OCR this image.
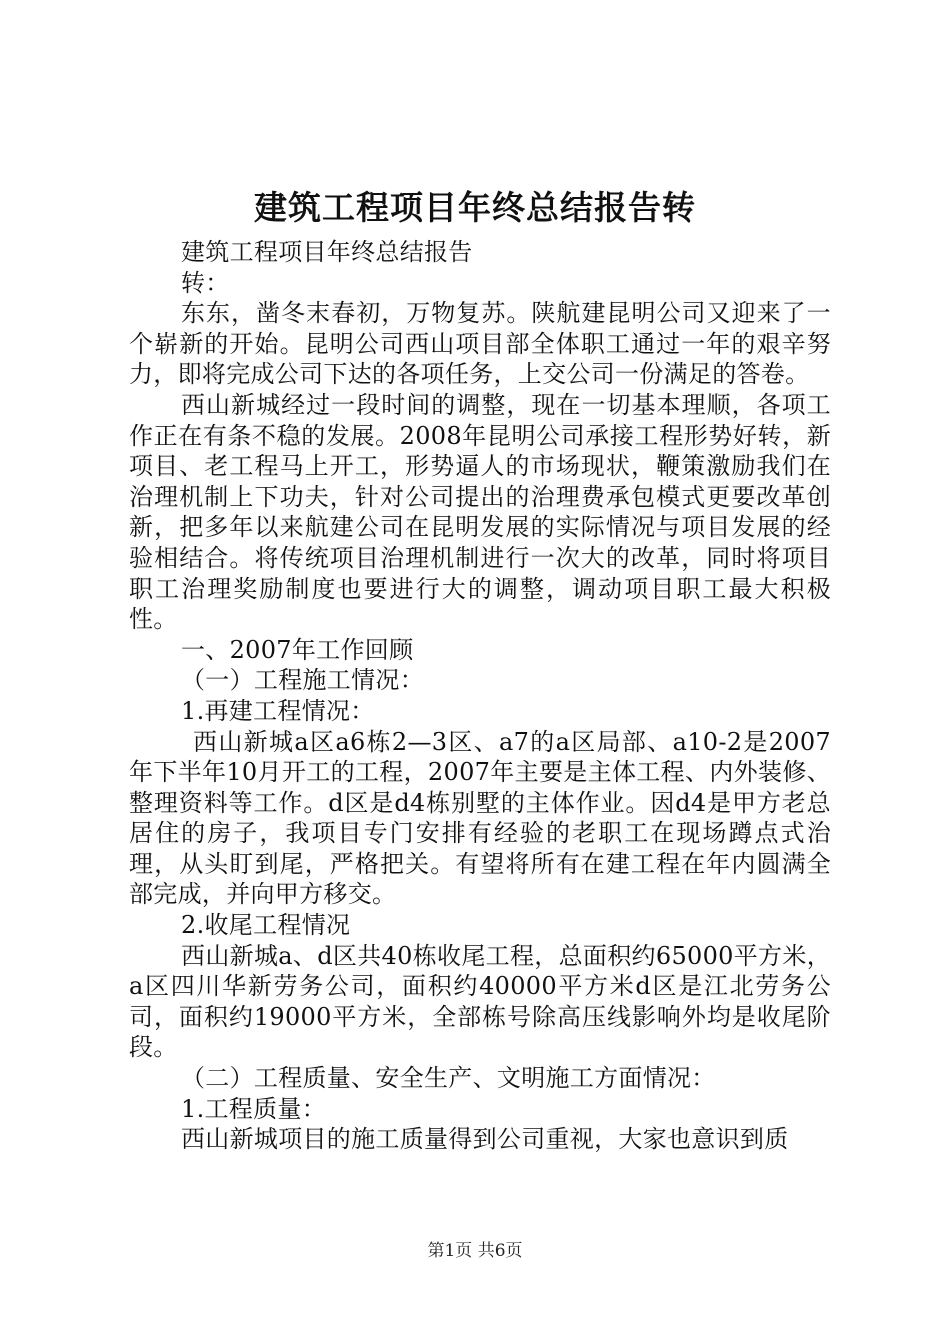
建筑工程项目年终总结报告转

建筑工程项目年终总结报告

转：

东东，凿冬末春初，万物复苏。陕航建昆明公司又迎来了一个崭新的开始。昆明公司西山项目部全体职工通过一年的艰辛努力，即将完成公司下达的各项任务，上交公司一份满足的答卷。

西山新城经过一段时间的调整，现在一切基本理顺，各项工作正在有条不稳的发展。2008年昆明公司承接工程形势好转，新项目、老工程马上开工，形势逼人的市场现状，鞭策激励我们在治理机制上下功夫，针对公司提出的治理费承包模式更要改革创新，把多年以来航建公司在昆明发展的实际情况与项目发展的经验相结合。将传统项目治理机制进行一次大的改革，同时将项目职工治理奖励制度也要进行大的调整，调动项目职工最大积极性。

一、2007年工作回顾

（一）工程施工情况：

1.再建工程情况：

西山新城a区a6栋2—3区、a7的a区局部、a10-2是2007年下半年10月开工的工程，2007年主要是主体工程、内外装修、整理资料等工作。d区是d4栋别墅的主体作业。因d4是甲方老总居住的房子，我项目专门安排有经验的老职工在现场蹲点式治理，从头盯到尾，严格把关。有望将所有在建工程在年内圆满全部完成，并向甲方移交。

2.收尾工程情况

西山新城a、d区共40栋收尾工程，总面积约65000平方米，a区四川华新劳务公司，面积约40000平方米d区是江北劳务公司，面积约19000平方米，全部栋号除高压线影响外均是收尾阶段。

（二）工程质量、安全生产、文明施工方面情况：

1.工程质量：

西山新城项目的施工质量得到公司重视，大家也意识到质

第1页 共6页
